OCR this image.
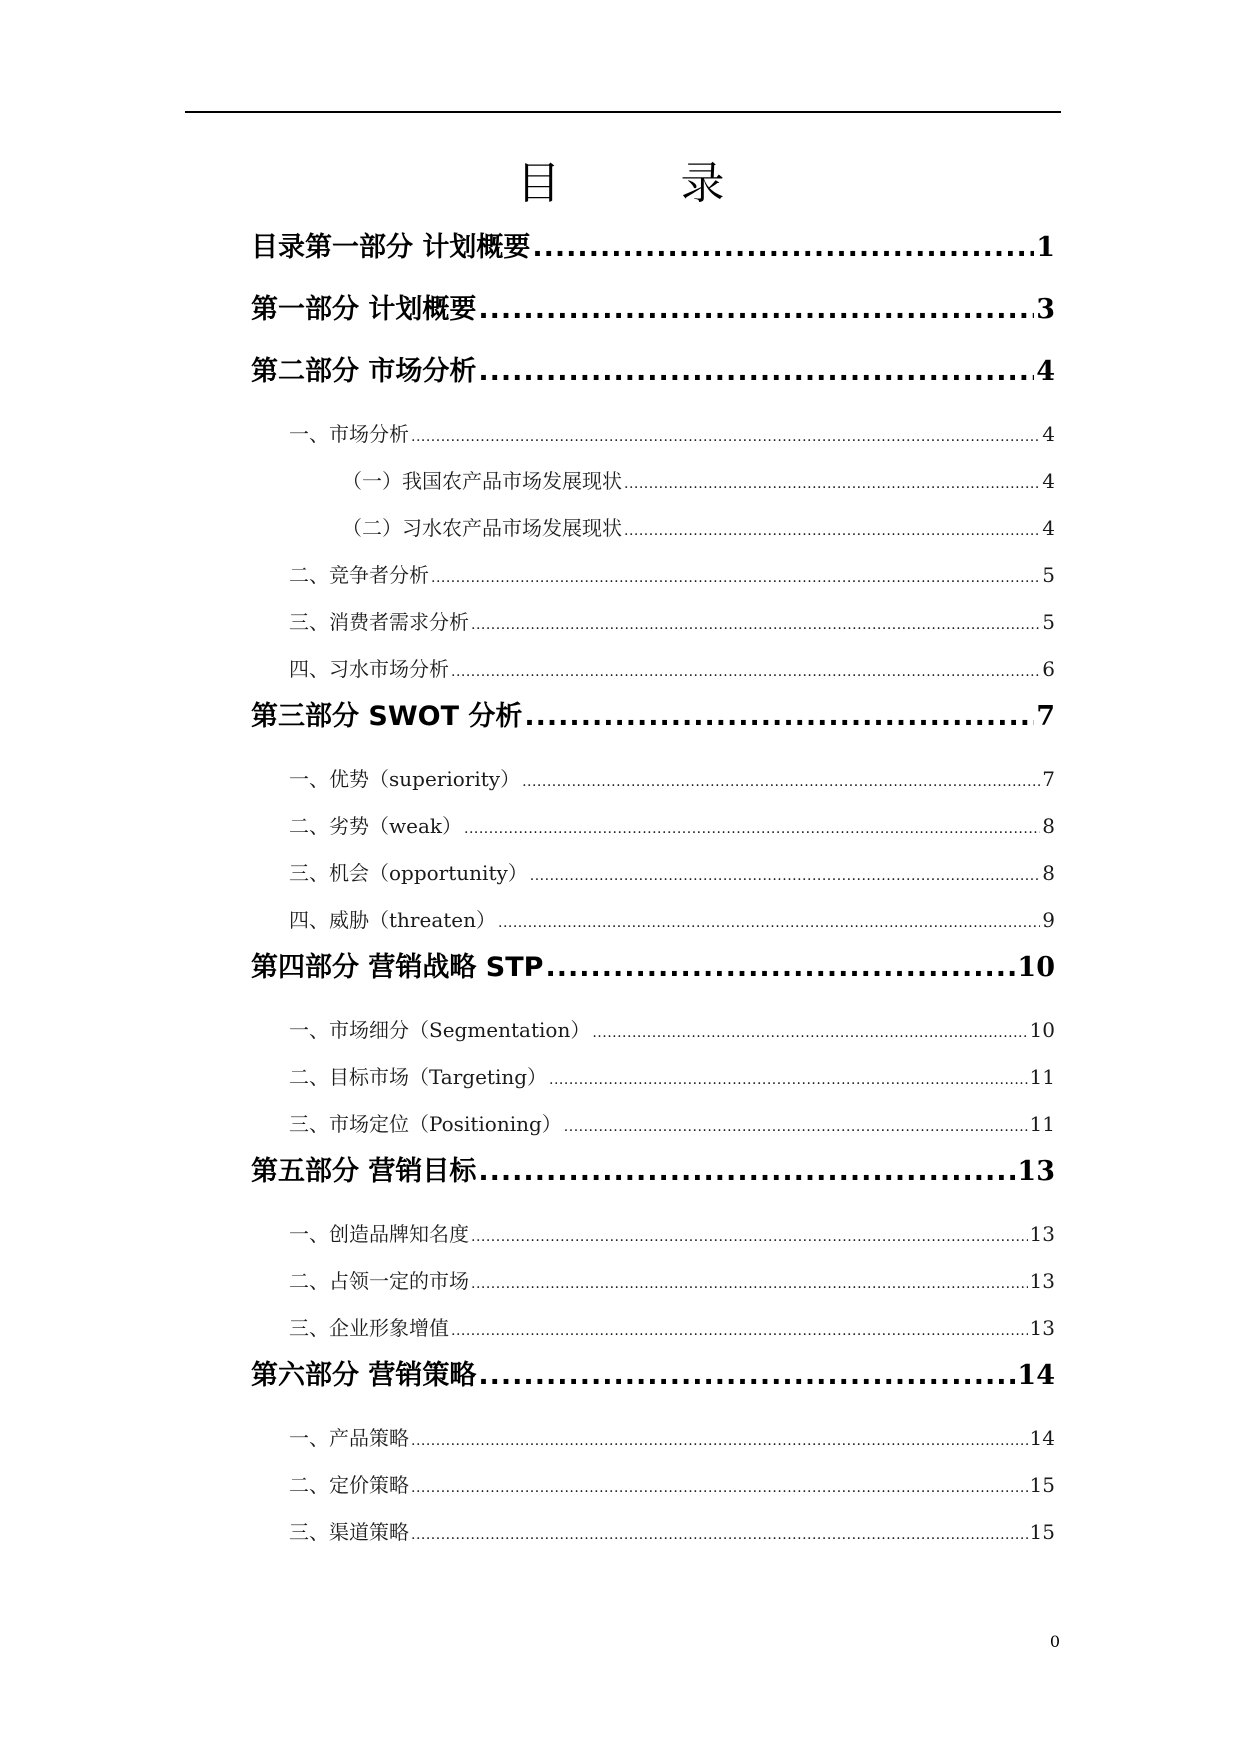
目　录
目录第一部分 计划概要 .....	1
第一部分 计划概要 .....	3
第二部分 市场分析 .....	4
一、市场分析 .....	4
（一）我国农产品市场发展现状 .....	4
（二）习水农产品市场发展现状 .....	4
二、竞争者分析 .....	5
三、消费者需求分析 .....	5
四、习水市场分析 .....	6
第三部分 SWOT 分析 .....	7
一、优势（superiority） .....	7
二、劣势（weak） .....	8
三、机会（opportunity） .....	8
四、威胁（threaten） .....	9
第四部分 营销战略 STP .....	10
一、市场细分（Segmentation） .....	10
二、目标市场（Targeting） .....	11
三、市场定位（Positioning） .....	11
第五部分 营销目标 .....	13
一、创造品牌知名度 .....	13
二、占领一定的市场 .....	13
三、企业形象增值 .....	13
第六部分 营销策略 .....	14
一、产品策略 .....	14
二、定价策略 .....	15
三、渠道策略 .....	15
0
